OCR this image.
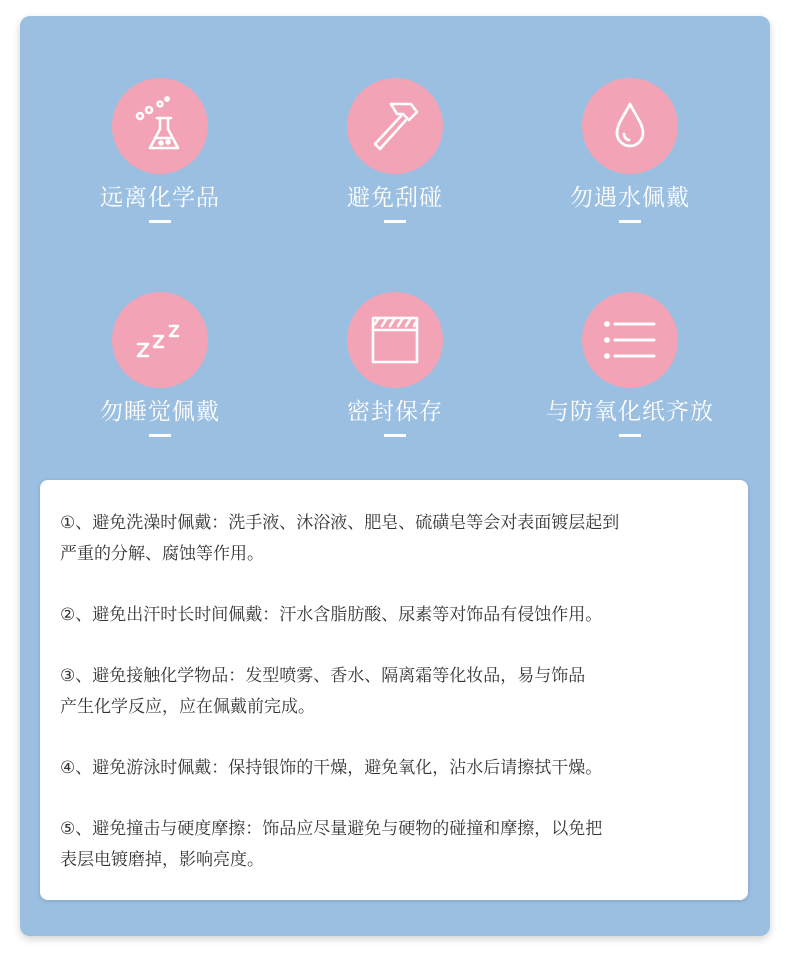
远离化学品	避免刮碰	勿遇水佩戴
勿睡觉佩戴	密封保存	与防氧化纸齐放

①、避免洗澡时佩戴：洗手液、沐浴液、肥皂、硫磺皂等会对表面镀层起到
严重的分解、腐蚀等作用。

②、避免出汗时长时间佩戴：汗水含脂肪酸、尿素等对饰品有侵蚀作用。

③、避免接触化学物品：发型喷雾、香水、隔离霜等化妆品，易与饰品
产生化学反应，应在佩戴前完成。

④、避免游泳时佩戴：保持银饰的干燥，避免氧化，沾水后请擦拭干燥。

⑤、避免撞击与硬度摩擦：饰品应尽量避免与硬物的碰撞和摩擦，以免把
表层电镀磨掉，影响亮度。
